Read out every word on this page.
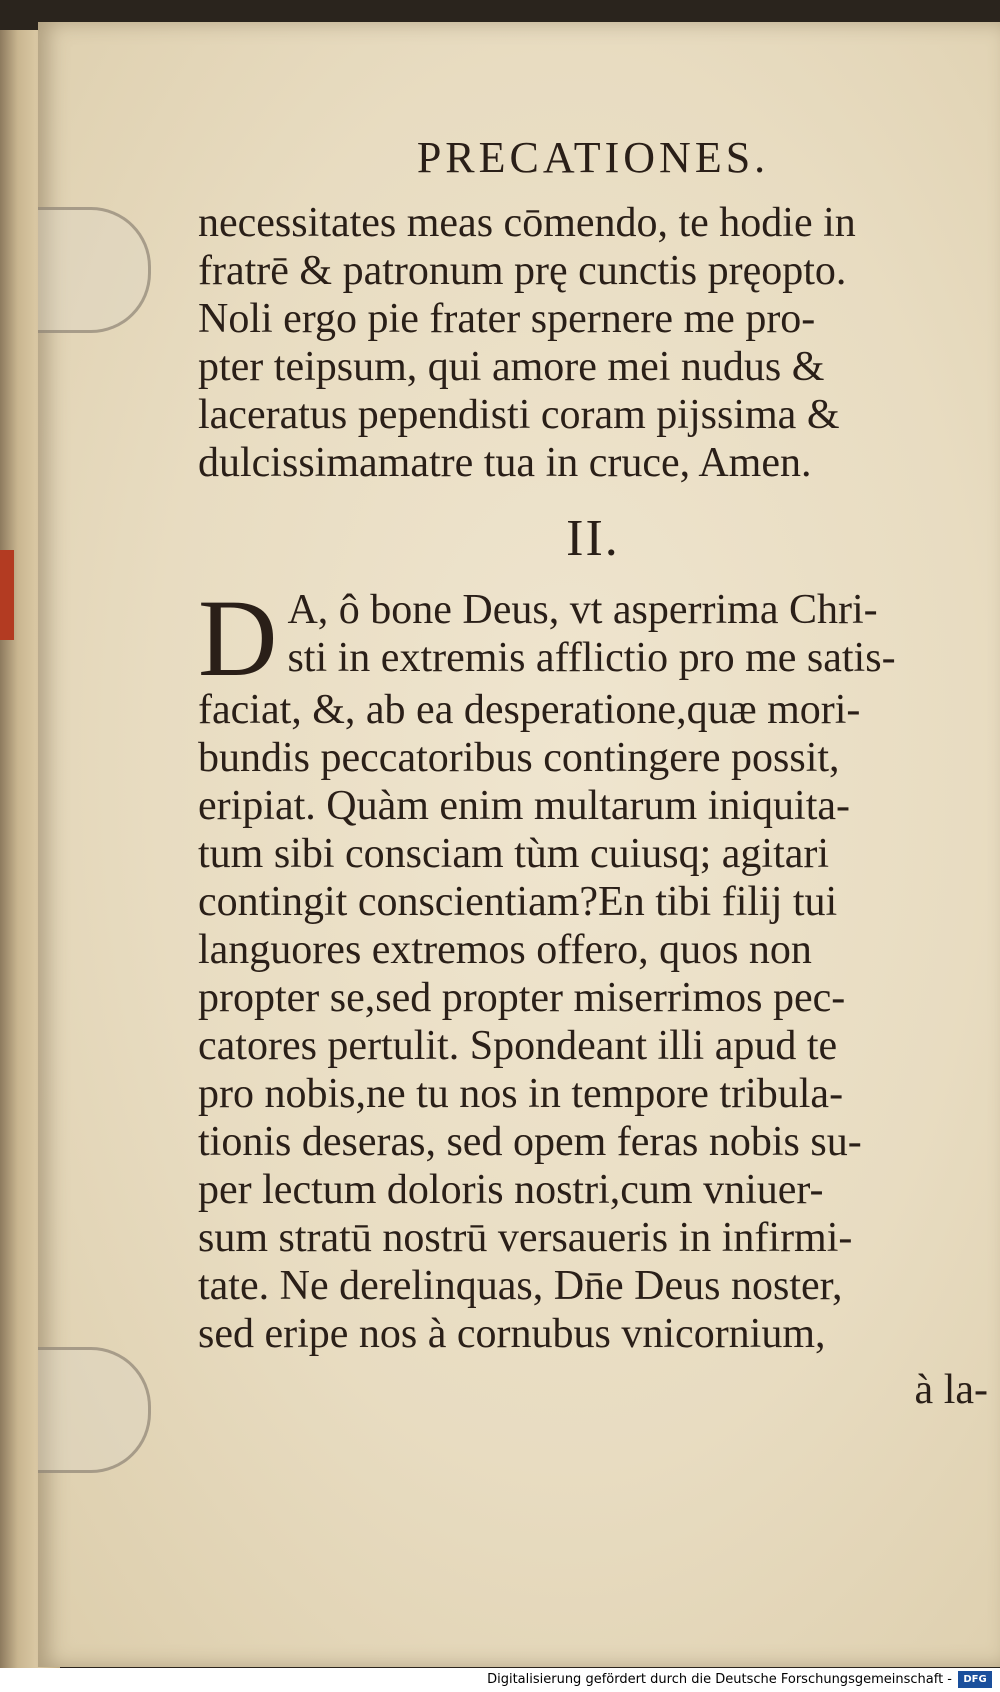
PRECATIONES.
necessitates meas cōmendo, te hodie in
fratrē & patronum prę cunctis pręopto.
Noli ergo pie frater spernere me pro-
pter teipsum, qui amore mei nudus &
laceratus pependisti coram pijssima &
dulcissimamatre tua in cruce, Amen.
II.
D A, ô bone Deus, vt asperrima Chri-
sti in extremis afflictio pro me satis-
faciat, &, ab ea desperatione,quæ mori-
bundis peccatoribus contingere possit,
eripiat. Quàm enim multarum iniquita-
tum sibi consciam tùm cuiusq; agitari
contingit conscientiam?En tibi filij tui
languores extremos offero, quos non
propter se,sed propter miserrimos pec-
catores pertulit. Spondeant illi apud te
pro nobis,ne tu nos in tempore tribula-
tionis deseras, sed opem feras nobis su-
per lectum doloris nostri,cum vniuer-
sum stratū nostrū versaueris in infirmi-
tate. Ne derelinquas, Dn̄e Deus noster,
sed eripe nos à cornubus vnicornium,
à la-
Digitalisierung gefördert durch die Deutsche Forschungsgemeinschaft -	DFG
